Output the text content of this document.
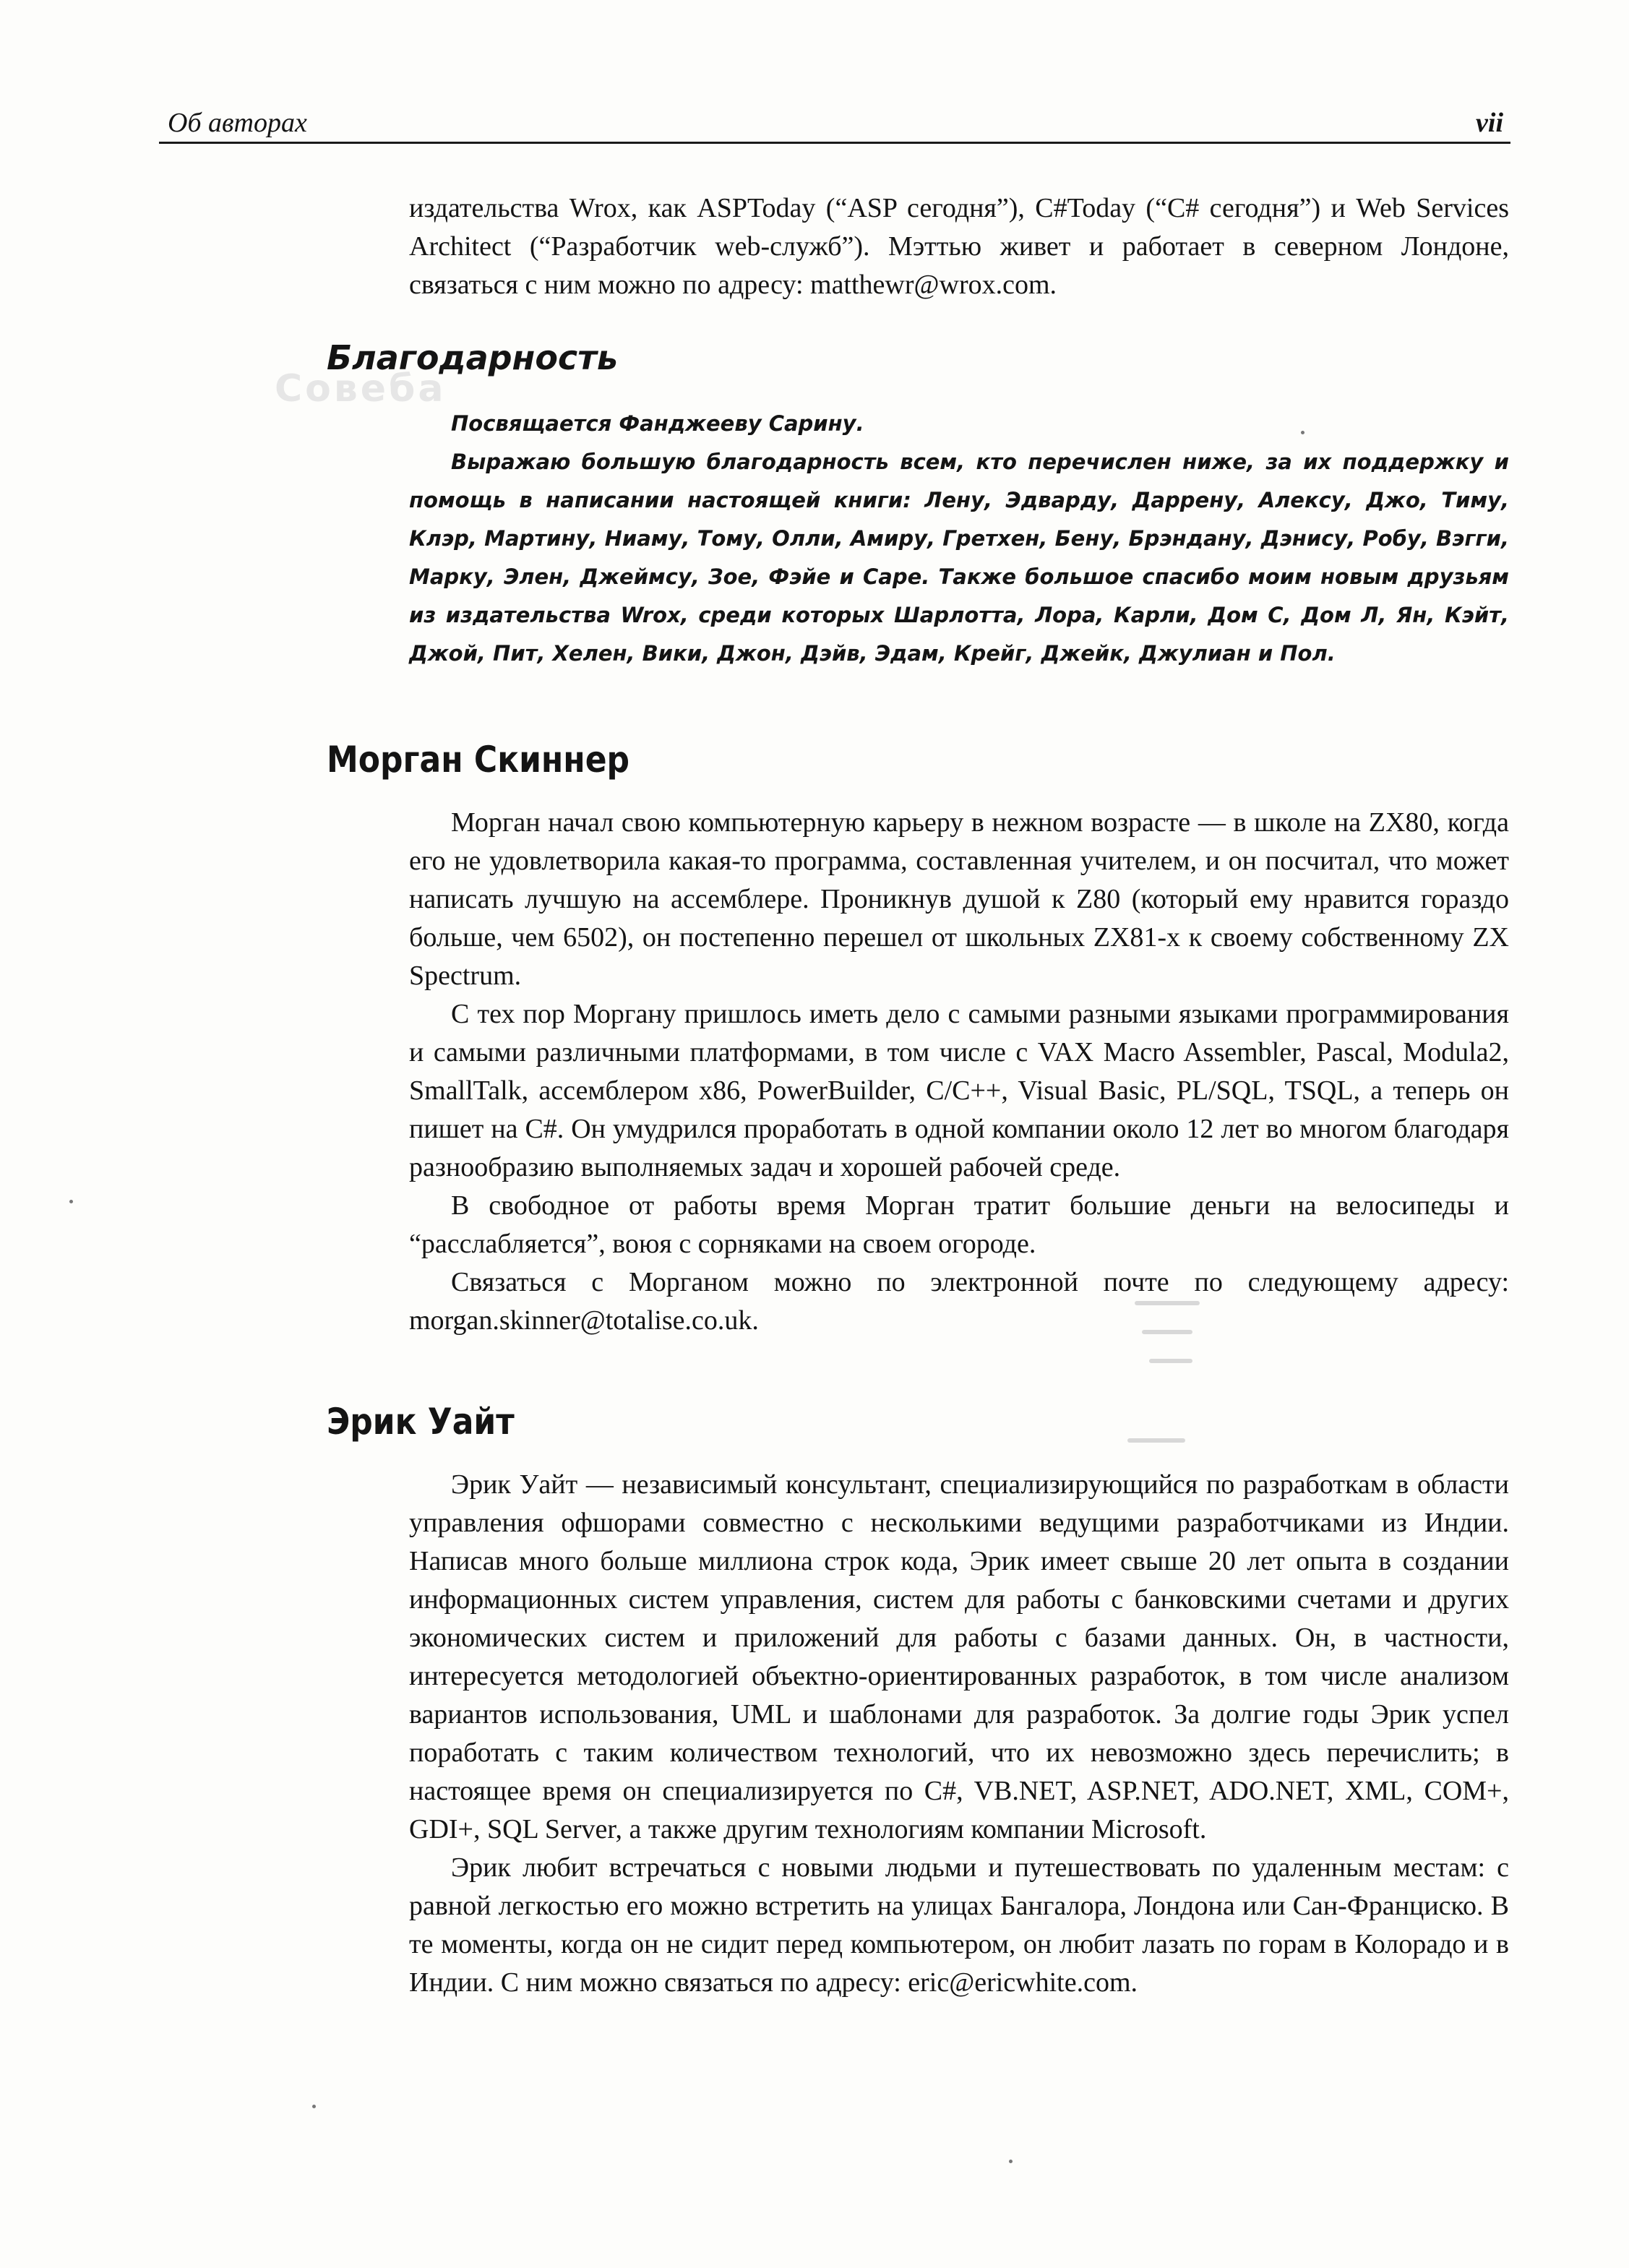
Об авторах	vii

издательства Wrox, как ASPToday (“ASP сегодня”), C#Today (“C# сегодня”) и Web Services Architect (“Разработчик web-служб”). Мэттью живет и работает в северном Лондоне, связаться с ним можно по адресу: matthewr@wrox.com.

Cовеба
Благодарность

Посвящается Фанджееву Сарину.

Выражаю большую благодарность всем, кто перечислен ниже, за их поддержку и помощь в написании настоящей книги: Лену, Эдварду, Даррену, Алексу, Джо, Тиму, Клэр, Мартину, Ниаму, Тому, Олли, Амиру, Гретхен, Бену, Брэндану, Дэнису, Робу, Вэгги, Марку, Элен, Джеймсу, Зое, Фэйе и Саре. Также большое спасибо моим новым друзьям из издательства Wrox, среди которых Шарлотта, Лора, Карли, Дом С, Дом Л, Ян, Кэйт, Джой, Пит, Хелен, Вики, Джон, Дэйв, Эдам, Крейг, Джейк, Джулиан и Пол.

Морган Скиннер

Морган начал свою компьютерную карьеру в нежном возрасте — в школе на ZX80, когда его не удовлетворила какая-то программа, составленная учителем, и он посчитал, что может написать лучшую на ассемблере. Проникнув душой к Z80 (который ему нравится гораздо больше, чем 6502), он постепенно перешел от школьных ZX81-х к своему собственному ZX Spectrum.

С тех пор Моргану пришлось иметь дело с самыми разными языками программирования и самыми различными платформами, в том числе с VAX Macro Assembler, Pascal, Modula2, SmallTalk, ассемблером x86, PowerBuilder, C/C++, Visual Basic, PL/SQL, TSQL, а теперь он пишет на C#. Он умудрился проработать в одной компании около 12 лет во многом благодаря разнообразию выполняемых задач и хорошей рабочей среде.

В свободное от работы время Морган тратит большие деньги на велосипеды и “расслабляется”, воюя с сорняками на своем огороде.

Связаться с Морганом можно по электронной почте по следующему адресу: morgan.skinner@totalise.co.uk.

Эрик Уайт

Эрик Уайт — независимый консультант, специализирующийся по разработкам в области управления офшорами совместно с несколькими ведущими разработчиками из Индии. Написав много больше миллиона строк кода, Эрик имеет свыше 20 лет опыта в создании информационных систем управления, систем для работы с банковскими счетами и других экономических систем и приложений для работы с базами данных. Он, в частности, интересуется методологией объектно-ориентированных разработок, в том числе анализом вариантов использования, UML и шаблонами для разработок. За долгие годы Эрик успел поработать с таким количеством технологий, что их невозможно здесь перечислить; в настоящее время он специализируется по C#, VB.NET, ASP.NET, ADO.NET, XML, COM+, GDI+, SQL Server, а также другим технологиям компании Microsoft.

Эрик любит встречаться с новыми людьми и путешествовать по удаленным местам: с равной легкостью его можно встретить на улицах Бангалора, Лондона или Сан-Франциско. В те моменты, когда он не сидит перед компьютером, он любит лазать по горам в Колорадо и в Индии. С ним можно связаться по адресу: eric@ericwhite.com.
